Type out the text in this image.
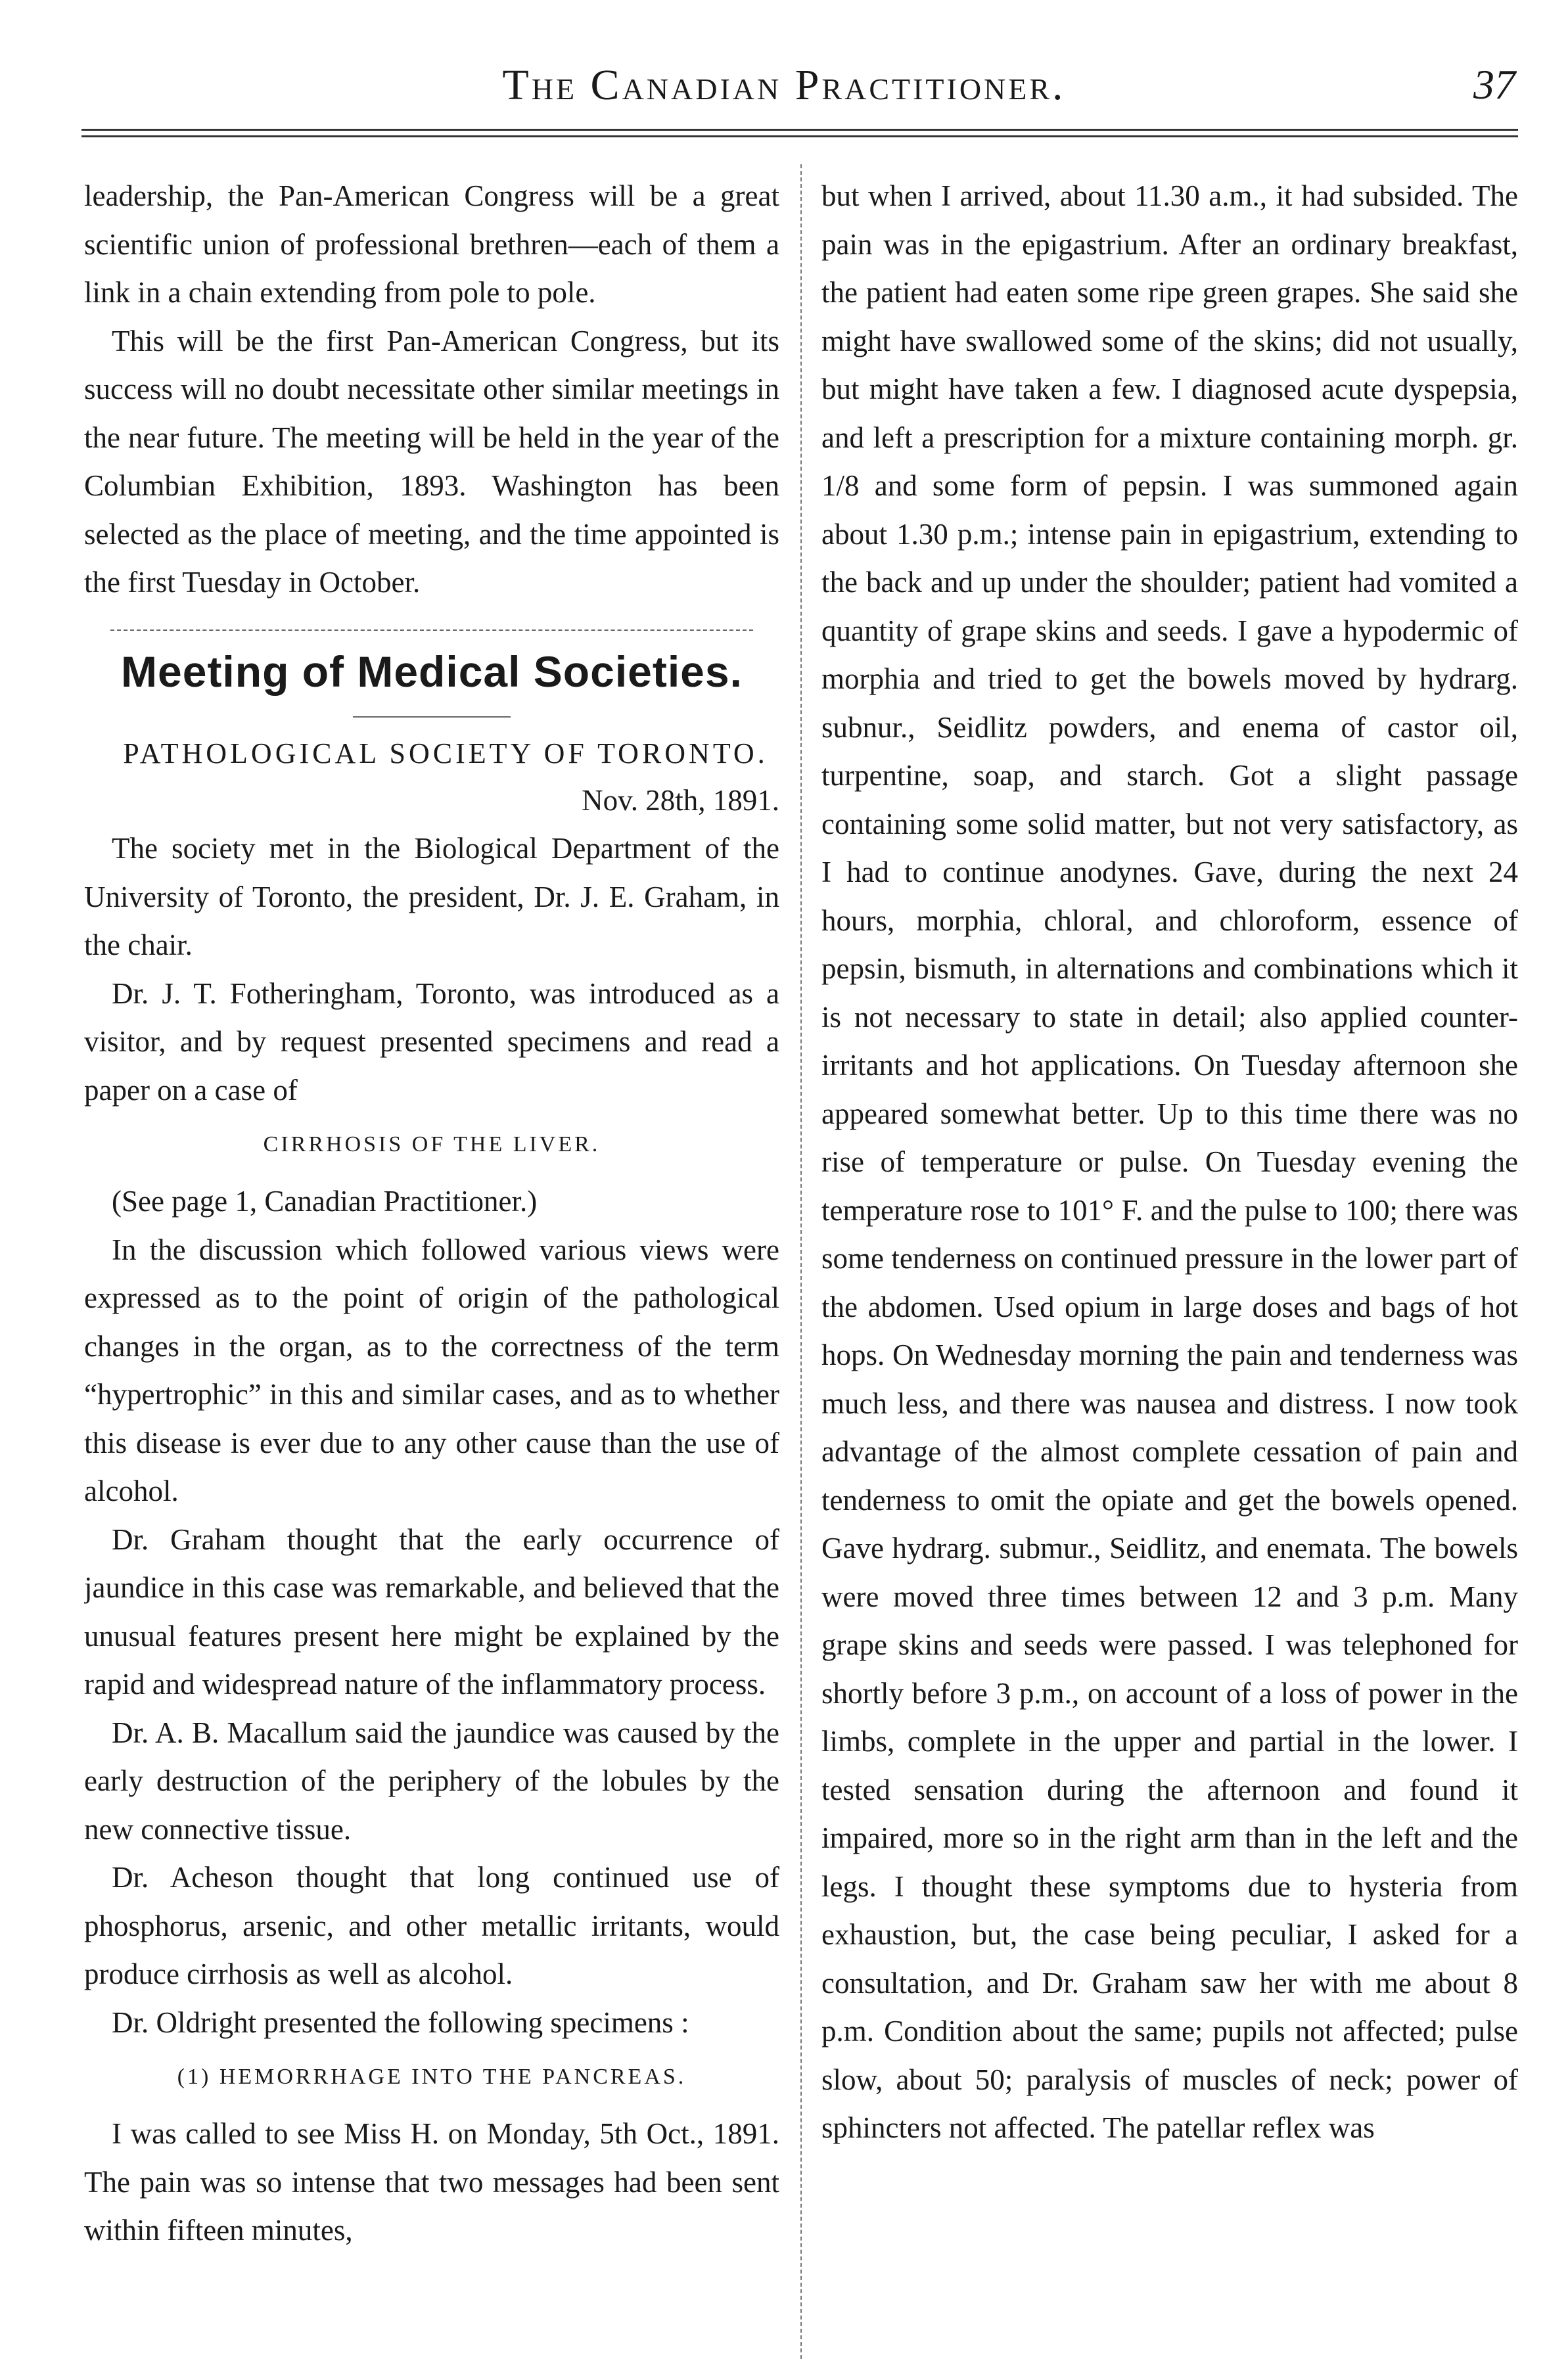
The Canadian Practitioner.	37

leadership, the Pan-American Congress will be a great scientific union of professional brethren—each of them a link in a chain extending from pole to pole.

This will be the first Pan-American Congress, but its success will no doubt necessitate other similar meetings in the near future. The meeting will be held in the year of the Columbian Exhibition, 1893. Washington has been selected as the place of meeting, and the time appointed is the first Tuesday in October.

Meeting of Medical Societies.

PATHOLOGICAL SOCIETY OF TORONTO.

Nov. 28th, 1891.

The society met in the Biological Department of the University of Toronto, the president, Dr. J. E. Graham, in the chair.

Dr. J. T. Fotheringham, Toronto, was introduced as a visitor, and by request presented specimens and read a paper on a case of

CIRRHOSIS OF THE LIVER.

(See page 1, Canadian Practitioner.)

In the discussion which followed various views were expressed as to the point of origin of the pathological changes in the organ, as to the correctness of the term “hypertrophic” in this and similar cases, and as to whether this disease is ever due to any other cause than the use of alcohol.

Dr. Graham thought that the early occurrence of jaundice in this case was remarkable, and believed that the unusual features present here might be explained by the rapid and widespread nature of the inflammatory process.

Dr. A. B. Macallum said the jaundice was caused by the early destruction of the periphery of the lobules by the new connective tissue.

Dr. Acheson thought that long continued use of phosphorus, arsenic, and other metallic irritants, would produce cirrhosis as well as alcohol.

Dr. Oldright presented the following specimens :

(1) HEMORRHAGE INTO THE PANCREAS.

I was called to see Miss H. on Monday, 5th Oct., 1891. The pain was so intense that two messages had been sent within fifteen minutes,

but when I arrived, about 11.30 a.m., it had subsided. The pain was in the epigastrium. After an ordinary breakfast, the patient had eaten some ripe green grapes. She said she might have swallowed some of the skins; did not usually, but might have taken a few. I diagnosed acute dyspepsia, and left a prescription for a mixture containing morph. gr. 1/8 and some form of pepsin. I was summoned again about 1.30 p.m.; intense pain in epigastrium, extending to the back and up under the shoulder; patient had vomited a quantity of grape skins and seeds. I gave a hypodermic of morphia and tried to get the bowels moved by hydrarg. subnur., Seidlitz powders, and enema of castor oil, turpentine, soap, and starch. Got a slight passage containing some solid matter, but not very satisfactory, as I had to continue anodynes. Gave, during the next 24 hours, morphia, chloral, and chloroform, essence of pepsin, bismuth, in alternations and combinations which it is not necessary to state in detail; also applied counter-irritants and hot applications. On Tuesday afternoon she appeared somewhat better. Up to this time there was no rise of temperature or pulse. On Tuesday evening the temperature rose to 101° F. and the pulse to 100; there was some tenderness on continued pressure in the lower part of the abdomen. Used opium in large doses and bags of hot hops. On Wednesday morning the pain and tenderness was much less, and there was nausea and distress. I now took advantage of the almost complete cessation of pain and tenderness to omit the opiate and get the bowels opened. Gave hydrarg. submur., Seidlitz, and enemata. The bowels were moved three times between 12 and 3 p.m. Many grape skins and seeds were passed. I was telephoned for shortly before 3 p.m., on account of a loss of power in the limbs, complete in the upper and partial in the lower. I tested sensation during the afternoon and found it impaired, more so in the right arm than in the left and the legs. I thought these symptoms due to hysteria from exhaustion, but, the case being peculiar, I asked for a consultation, and Dr. Graham saw her with me about 8 p.m. Condition about the same; pupils not affected; pulse slow, about 50; paralysis of muscles of neck; power of sphincters not affected. The patellar reflex was
